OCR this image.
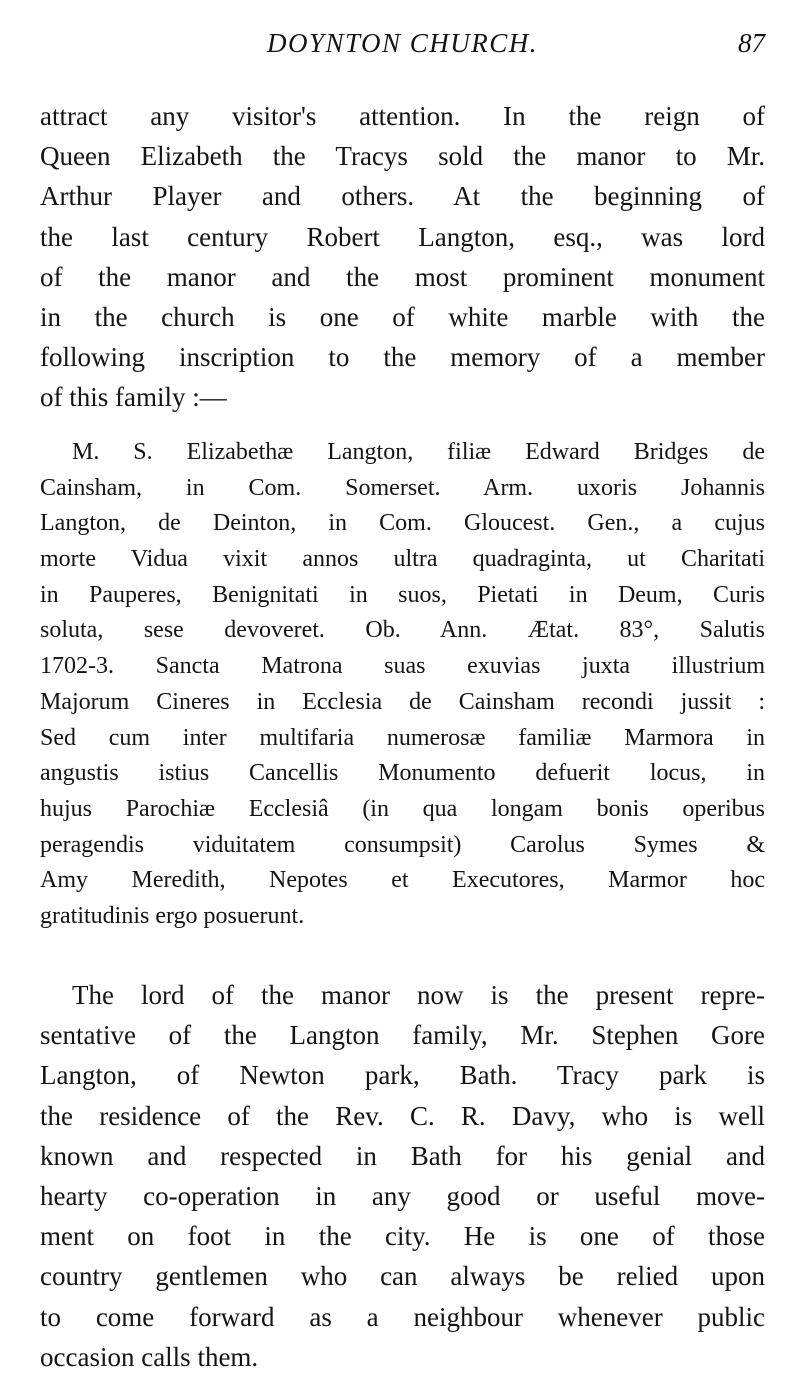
DOYNTON CHURCH.	87
attract any visitor's attention. In the reign of
Queen Elizabeth the Tracys sold the manor to Mr.
Arthur Player and others. At the beginning of
the last century Robert Langton, esq., was lord
of the manor and the most prominent monument
in the church is one of white marble with the
following inscription to the memory of a member
of this family :—
M. S. Elizabethæ Langton, filiæ Edward Bridges de
Cainsham, in Com. Somerset. Arm. uxoris Johannis
Langton, de Deinton, in Com. Gloucest. Gen., a cujus
morte Vidua vixit annos ultra quadraginta, ut Charitati
in Pauperes, Benignitati in suos, Pietati in Deum, Curis
soluta, sese devoveret. Ob. Ann. Ætat. 83°, Salutis
1702-3. Sancta Matrona suas exuvias juxta illustrium
Majorum Cineres in Ecclesia de Cainsham recondi jussit :
Sed cum inter multifaria numerosæ familiæ Marmora in
angustis istius Cancellis Monumento defuerit locus, in
hujus Parochiæ Ecclesiâ (in qua longam bonis operibus
peragendis viduitatem consumpsit) Carolus Symes &
Amy Meredith, Nepotes et Executores, Marmor hoc
gratitudinis ergo posuerunt.
The lord of the manor now is the present repre-
sentative of the Langton family, Mr. Stephen Gore
Langton, of Newton park, Bath. Tracy park is
the residence of the Rev. C. R. Davy, who is well
known and respected in Bath for his genial and
hearty co-operation in any good or useful move-
ment on foot in the city. He is one of those
country gentlemen who can always be relied upon
to come forward as a neighbour whenever public
occasion calls them.
